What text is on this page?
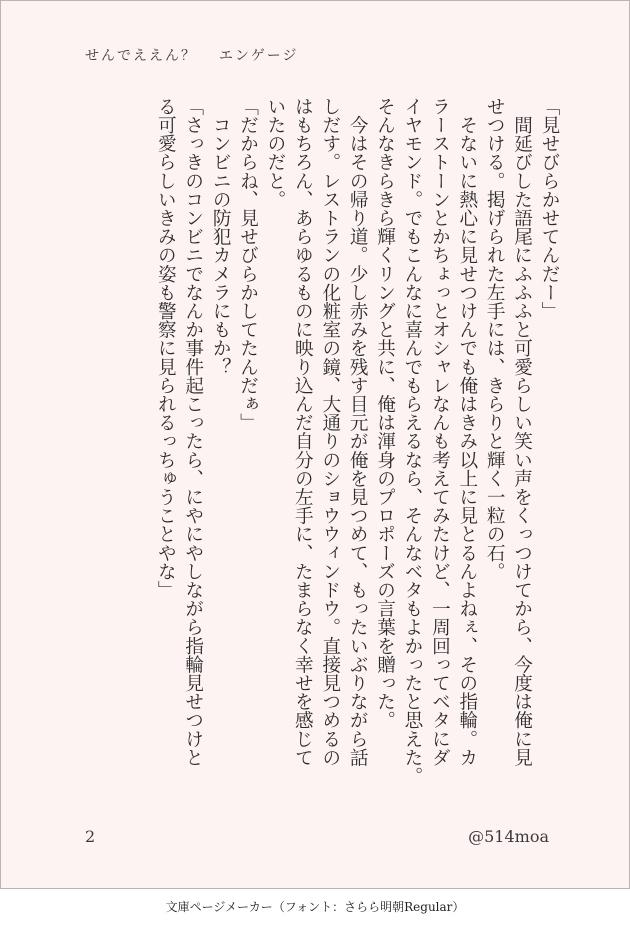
せんでええん？ エンゲージ

「見せびらかせてんだー」

　間延びした語尾にふふふと可愛らしい笑い声をくっつけてから、今度は俺に見

せつける。掲げられた左手には、きらりと輝く一粒の石。

　そないに熱心に見せつけんでも俺はきみ以上に見とるんよねぇ、その指輪。カ

ラーストーンとかちょっとオシャレなんも考えてみたけど、一周回ってベタにダ

イヤモンド。でもこんなに喜んでもらえるなら、そんなベタもよかったと思えた。

そんなきらきら輝くリングと共に、俺は渾身のプロポーズの言葉を贈った。

　今はその帰り道。少し赤みを残す目元が俺を見つめて、もったいぶりながら話

しだす。レストランの化粧室の鏡、大通りのショウウィンドウ。直接見つめるの

はもちろん、あらゆるものに映り込んだ自分の左手に、たまらなく幸せを感じて

いたのだと。

「だからね、見せびらかしてたんだぁ」

　コンビニの防犯カメラにもか？

「さっきのコンビニでなんか事件起こったら、にやにやしながら指輪見せつけと

る可愛らしいきみの姿も警察に見られるっちゅうことやな」

2	@514moa
文庫ページメーカー（フォント：さらら明朝Regular）
